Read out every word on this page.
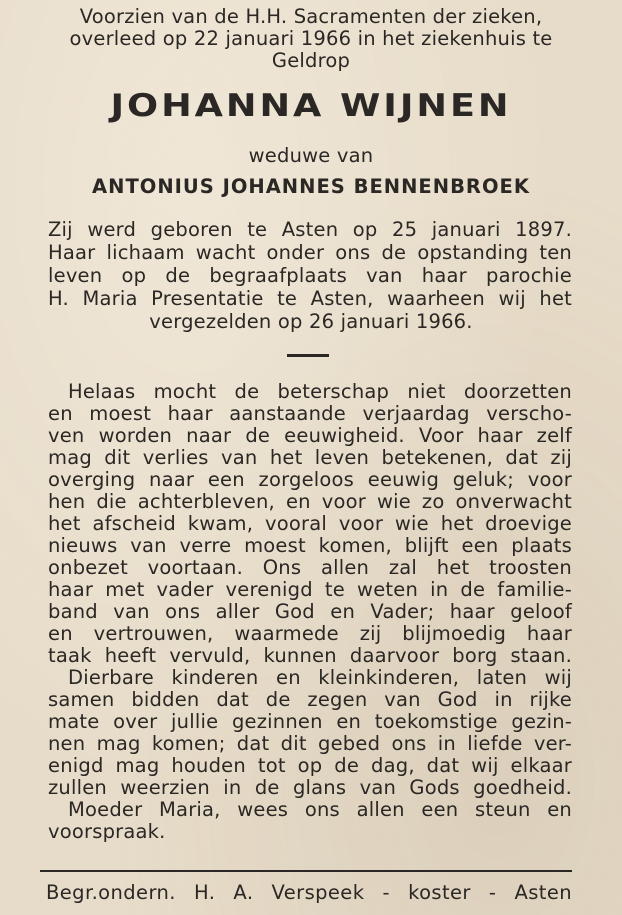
Voorzien van de H.H. Sacramenten der zieken,
overleed op 22 januari 1966 in het ziekenhuis te
Geldrop
JOHANNA WIJNEN
weduwe van
ANTONIUS JOHANNES BENNENBROEK
Zij werd geboren te Asten op 25 januari 1897.
Haar lichaam wacht onder ons de opstanding ten
leven op de begraafplaats van haar parochie
H. Maria Presentatie te Asten, waarheen wij het
vergezelden op 26 januari 1966.
Helaas mocht de beterschap niet doorzetten
en moest haar aanstaande verjaardag verscho-
ven worden naar de eeuwigheid. Voor haar zelf
mag dit verlies van het leven betekenen, dat zij
overging naar een zorgeloos eeuwig geluk; voor
hen die achterbleven, en voor wie zo onverwacht
het afscheid kwam, vooral voor wie het droevige
nieuws van verre moest komen, blijft een plaats
onbezet voortaan. Ons allen zal het troosten
haar met vader verenigd te weten in de familie-
band van ons aller God en Vader; haar geloof
en vertrouwen, waarmede zij blijmoedig haar
taak heeft vervuld, kunnen daarvoor borg staan.
Dierbare kinderen en kleinkinderen, laten wij
samen bidden dat de zegen van God in rijke
mate over jullie gezinnen en toekomstige gezin-
nen mag komen; dat dit gebed ons in liefde ver-
enigd mag houden tot op de dag, dat wij elkaar
zullen weerzien in de glans van Gods goedheid.
Moeder Maria, wees ons allen een steun en
voorspraak.
Begr.ondern. H. A. Verspeek - koster - Asten
